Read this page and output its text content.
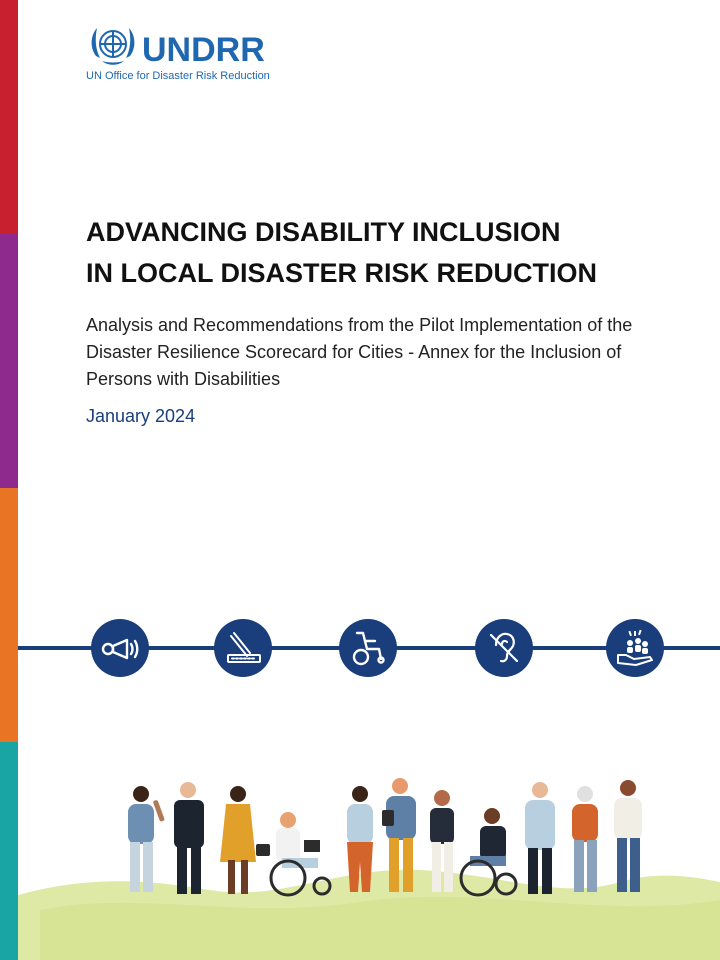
UNDRR
UN Office for Disaster Risk Reduction
ADVANCING DISABILITY INCLUSION
IN LOCAL DISASTER RISK REDUCTION

Analysis and Recommendations from the Pilot Implementation of the Disaster Resilience Scorecard for Cities - Annex for the Inclusion of Persons with Disabilities

January 2024
